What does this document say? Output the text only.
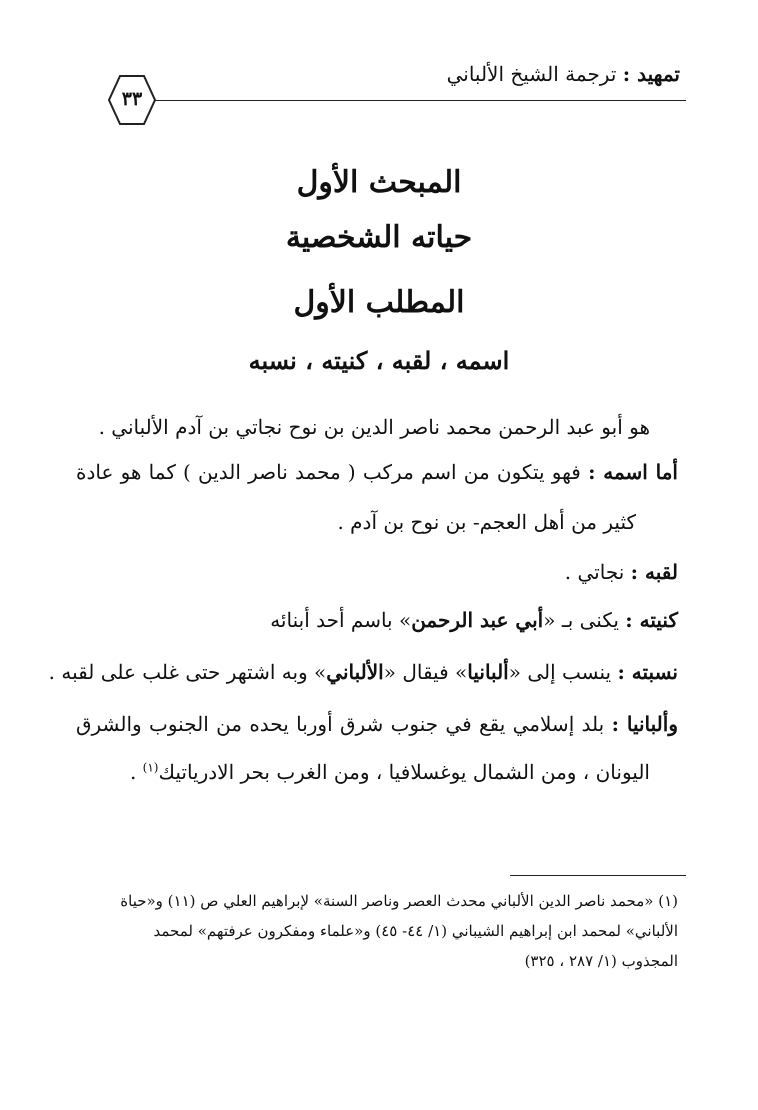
تمهيد : ترجمة الشيخ الألباني
٣٣
المبحث الأول
حياته الشخصية
المطلب الأول
اسمه ، لقبه ، كنيته ، نسبه
هو أبو عبد الرحمن محمد ناصر الدين بن نوح نجاتي بن آدم الألباني .
أما اسمه : فهو يتكون من اسم مركب ( محمد ناصر الدين ) كما هو عادة
كثير من أهل العجم- بن نوح بن آدم .
لقبه : نجاتي .
كنيته : يكنى بـ «أبي عبد الرحمن» باسم أحد أبنائه
نسبته : ينسب إلى «ألبانيا» فيقال «الألباني» وبه اشتهر حتى غلب على لقبه .
وألبانيا : بلد إسلامي يقع في جنوب شرق أوربا يحده من الجنوب والشرق
اليونان ، ومن الشمال يوغسلافيا ، ومن الغرب بحر الادرياتيك$^{(١)}$ .
(١) «محمد ناصر الدين الألباني محدث العصر وناصر السنة» لإبراهيم العلي ص (١١) و«حياة
الألباني» لمحمد ابن إبراهيم الشيباني (١/ ٤٤- ٤٥) و«علماء ومفكرون عرفتهم» لمحمد
المجذوب (١/ ٢٨٧ ، ٣٢٥)
